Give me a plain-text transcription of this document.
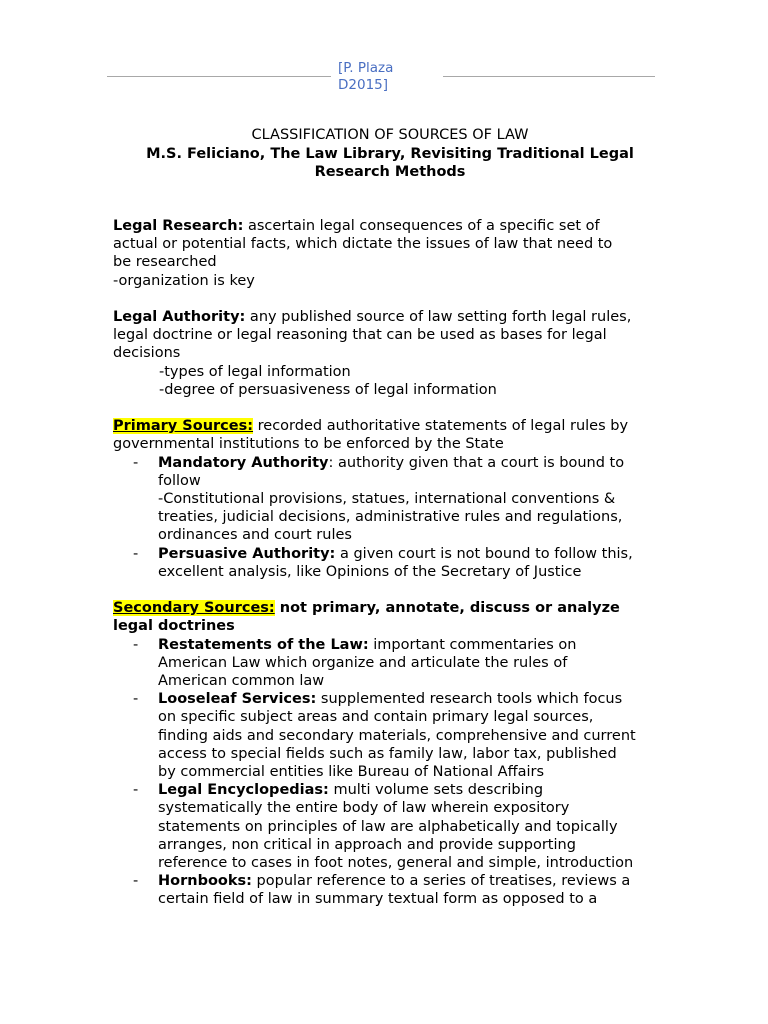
[P. Plaza
D2015]
CLASSIFICATION OF SOURCES OF LAW
M.S. Feliciano, The Law Library, Revisiting Traditional Legal
Research Methods

Legal Research: ascertain legal consequences of a specific set of

actual or potential facts, which dictate the issues of law that need to

be researched

-organization is key

Legal Authority: any published source of law setting forth legal rules,

legal doctrine or legal reasoning that can be used as bases for legal

decisions

-types of legal information

-degree of persuasiveness of legal information

Primary Sources: recorded authoritative statements of legal rules by

governmental institutions to be enforced by the State

- Mandatory Authority: authority given that a court is bound to
follow
-Constitutional provisions, statues, international conventions &
treaties, judicial decisions, administrative rules and regulations,
ordinances and court rules
- Persuasive Authority: a given court is not bound to follow this,
excellent analysis, like Opinions of the Secretary of Justice

Secondary Sources: not primary, annotate, discuss or analyze

legal doctrines

- Restatements of the Law: important commentaries on
American Law which organize and articulate the rules of
American common law
- Looseleaf Services: supplemented research tools which focus
on specific subject areas and contain primary legal sources,
finding aids and secondary materials, comprehensive and current
access to special fields such as family law, labor tax, published
by commercial entities like Bureau of National Affairs
- Legal Encyclopedias: multi volume sets describing
systematically the entire body of law wherein expository
statements on principles of law are alphabetically and topically
arranges, non critical in approach and provide supporting
reference to cases in foot notes, general and simple, introduction
- Hornbooks: popular reference to a series of treatises, reviews a
certain field of law in summary textual form as opposed to a
